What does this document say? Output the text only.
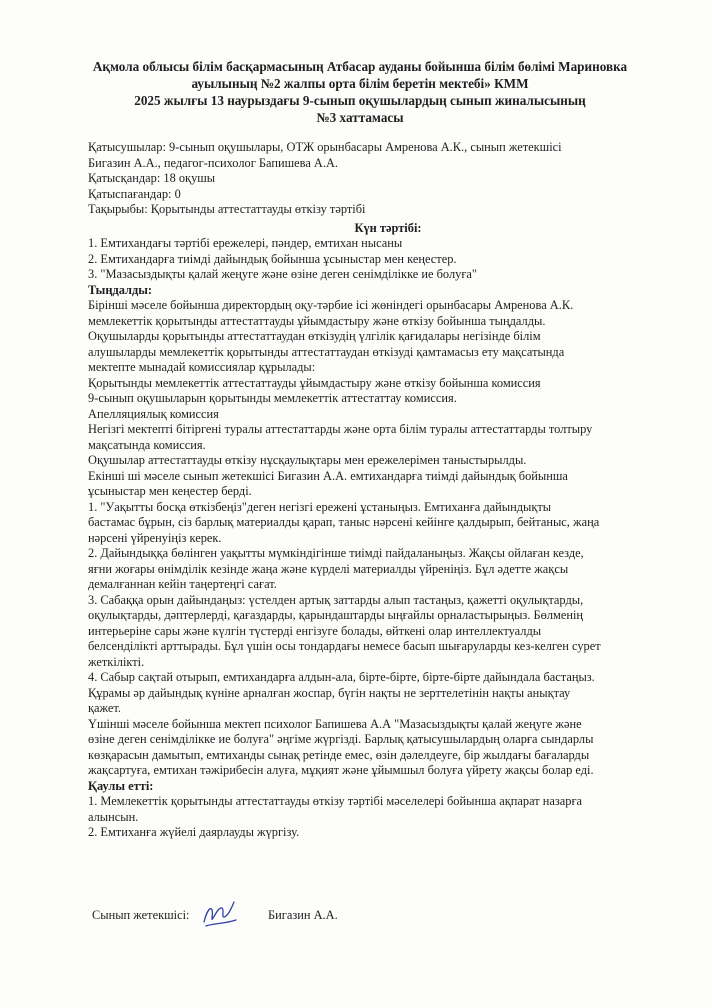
Ақмола облысы білім басқармасының Атбасар ауданы бойынша білім бөлімі Мариновка
ауылының №2 жалпы орта білім беретін мектебі» КММ
2025 жылғы 13 наурыздағы 9-сынып оқушылардың сынып жиналысының
№3 хаттамасы
Қатысушылар: 9-сынып оқушылары, ОТЖ орынбасары Амренова А.К., сынып жетекшісі
Бигазин А.А., педагог-психолог Бапишева А.А.
Қатысқандар: 18 оқушы
Қатыспағандар: 0
Тақырыбы: Қорытынды аттестаттауды өткізу тәртібі
Күн тәртібі:
1. Емтихандағы тәртібі ережелері, пәндер, емтихан нысаны
2. Емтихандарға тиімді дайындық бойынша ұсыныстар мен кеңестер.
3. "Мазасыздықты қалай жеңуге және өзіне деген сенімділікке ие болуға"
Тыңдалды:
Бірінші мәселе бойынша директордың оқу-тәрбие ісі жөніндегі орынбасары Амренова А.К.
мемлекеттік қорытынды аттестаттауды ұйымдастыру және өткізу бойынша тыңдалды.
Оқушыларды қорытынды аттестаттаудан өткізудің үлгілік қағидалары негізінде білім
алушыларды мемлекеттік қорытынды аттестаттаудан өткізуді қамтамасыз ету мақсатында
мектепте мынадай комиссиялар құрылады:
Қорытынды мемлекеттік аттестаттауды ұйымдастыру және өткізу бойынша комиссия
9-сынып оқушыларын қорытынды мемлекеттік аттестаттау комиссия.
Апелляциялық комиссия
Негізгі мектепті бітіргені туралы аттестаттарды және орта білім туралы аттестаттарды толтыру
мақсатында комиссия.
Оқушылар аттестаттауды өткізу нұсқаулықтары мен ережелерімен таныстырылды.
Екінші ші мәселе сынып жетекшісі Бигазин А.А. емтихандарға тиімді дайындық бойынша
ұсыныстар мен кеңестер берді.
1. "Уақытты босқа өткізбеңіз"деген негізгі ережені ұстаныңыз. Емтиханға дайындықты
бастамас бұрын, сіз барлық материалды қарап, таныс нәрсені кейінге қалдырып, бейтаныс, жаңа
нәрсені үйренуіңіз керек.
2. Дайындыққа бөлінген уақытты мүмкіндігінше тиімді пайдаланыңыз. Жақсы ойлаған кезде,
яғни жоғары өнімділік кезінде жаңа және күрделі материалды үйреніңіз. Бұл әдетте жақсы
демалғаннан кейін таңертеңгі сағат.
3. Сабаққа орын дайындаңыз: үстелден артық заттарды алып тастаңыз, қажетті оқулықтарды,
оқулықтарды, дәптерлерді, қағаздарды, қарындаштарды ыңғайлы орналастырыңыз. Бөлменің
интерьеріне сары және күлгін түстерді енгізуге болады, өйткені олар интеллектуалды
белсенділікті арттырады. Бұл үшін осы тондардағы немесе басып шығаруларды кез-келген сурет
жеткілікті.
4. Сабыр сақтай отырып, емтихандарға алдын-ала, бірте-бірте, бірте-бірте дайындала бастаңыз.
Құрамы әр дайындық күніне арналған жоспар, бүгін нақты не зерттелетінін нақты анықтау
қажет.
Үшінші мәселе бойынша мектеп психолог Бапишева А.А "Мазасыздықты қалай жеңуге және
өзіне деген сенімділікке ие болуға" әңгіме жүргізді. Барлық қатысушылардың оларға сындарлы
көзқарасын дамытып, емтиханды сынақ ретінде емес, өзін дәлелдеуге, бір жылдағы бағаларды
жақсартуға, емтихан тәжірибесін алуға, мұқият және ұйымшыл болуға үйрету жақсы болар еді.
Қаулы етті:
1. Мемлекеттік қорытынды аттестаттауды өткізу тәртібі мәселелері бойынша ақпарат назарға
алынсын.
2. Емтиханға жүйелі даярлауды жүргізу.
Сынып жетекшісі:	Бигазин А.А.
